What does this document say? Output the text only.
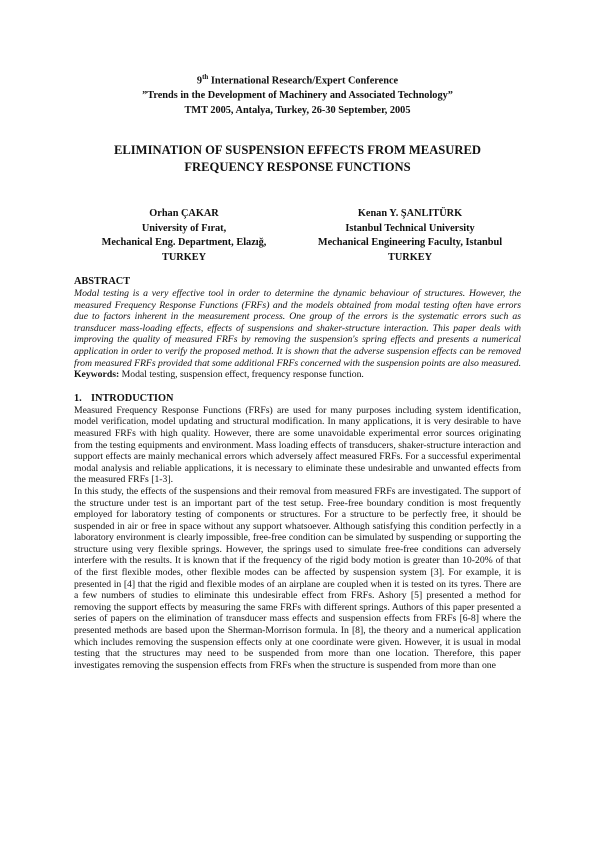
9th International Research/Expert Conference
”Trends in the Development of Machinery and Associated Technology”
TMT 2005, Antalya, Turkey, 26-30 September, 2005
ELIMINATION OF SUSPENSION EFFECTS FROM MEASURED
FREQUENCY RESPONSE FUNCTIONS
Orhan ÇAKAR
University of Fırat,
Mechanical Eng. Department, Elazığ,
TURKEY
Kenan Y. ŞANLITÜRK
Istanbul Technical University
Mechanical Engineering Faculty, Istanbul
TURKEY
ABSTRACT

Modal testing is a very effective tool in order to determine the dynamic behaviour of structures. However, the measured Frequency Response Functions (FRFs) and the models obtained from modal testing often have errors due to factors inherent in the measurement process. One group of the errors is the systematic errors such as transducer mass-loading effects, effects of suspensions and shaker-structure interaction. This paper deals with improving the quality of measured FRFs by removing the suspension's spring effects and presents a numerical application in order to verify the proposed method. It is shown that the adverse suspension effects can be removed from measured FRFs provided that some additional FRFs concerned with the suspension points are also measured.

Keywords: Modal testing, suspension effect, frequency response function.

1. INTRODUCTION

Measured Frequency Response Functions (FRFs) are used for many purposes including system identification, model verification, model updating and structural modification. In many applications, it is very desirable to have measured FRFs with high quality. However, there are some unavoidable experimental error sources originating from the testing equipments and environment. Mass loading effects of transducers, shaker-structure interaction and support effects are mainly mechanical errors which adversely affect measured FRFs. For a successful experimental modal analysis and reliable applications, it is necessary to eliminate these undesirable and unwanted effects from the measured FRFs [1-3].

In this study, the effects of the suspensions and their removal from measured FRFs are investigated. The support of the structure under test is an important part of the test setup. Free-free boundary condition is most frequently employed for laboratory testing of components or structures. For a structure to be perfectly free, it should be suspended in air or free in space without any support whatsoever. Although satisfying this condition perfectly in a laboratory environment is clearly impossible, free-free condition can be simulated by suspending or supporting the structure using very flexible springs. However, the springs used to simulate free-free conditions can adversely interfere with the results. It is known that if the frequency of the rigid body motion is greater than 10-20% of that of the first flexible modes, other flexible modes can be affected by suspension system [3]. For example, it is presented in [4] that the rigid and flexible modes of an airplane are coupled when it is tested on its tyres. There are a few numbers of studies to eliminate this undesirable effect from FRFs. Ashory [5] presented a method for removing the support effects by measuring the same FRFs with different springs. Authors of this paper presented a series of papers on the elimination of transducer mass effects and suspension effects from FRFs [6-8] where the presented methods are based upon the Sherman-Morrison formula. In [8], the theory and a numerical application which includes removing the suspension effects only at one coordinate were given. However, it is usual in modal testing that the structures may need to be suspended from more than one location. Therefore, this paper investigates removing the suspension effects from FRFs when the structure is suspended from more than one
